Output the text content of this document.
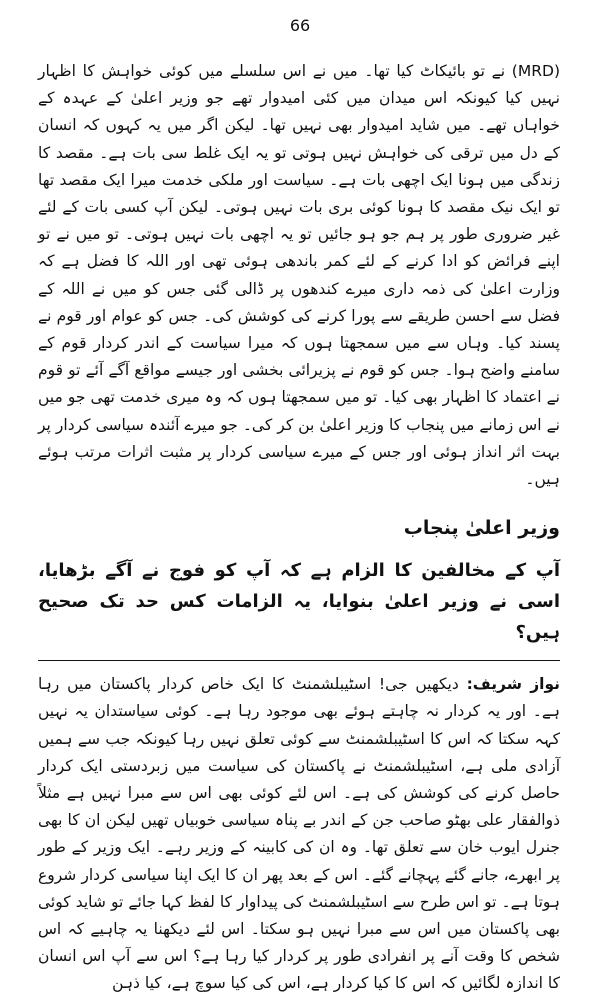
66

(MRD) نے تو بائیکاٹ کیا تھا۔ میں نے اس سلسلے میں کوئی خواہش کا اظہار نہیں کیا کیونکہ اس میدان میں کئی امیدوار تھے جو وزیر اعلیٰ کے عہدہ کے خواہاں تھے۔ میں شاید امیدوار بھی نہیں تھا۔ لیکن اگر میں یہ کہوں کہ انسان کے دل میں ترقی کی خواہش نہیں ہوتی تو یہ ایک غلط سی بات ہے۔ مقصد کا زندگی میں ہونا ایک اچھی بات ہے۔ سیاست اور ملکی خدمت میرا ایک مقصد تھا تو ایک نیک مقصد کا ہونا کوئی بری بات نہیں ہوتی۔ لیکن آپ کسی بات کے لئے غیر ضروری طور پر ہم جو ہو جائیں تو یہ اچھی بات نہیں ہوتی۔ تو میں نے تو اپنے فرائض کو ادا کرنے کے لئے کمر باندھی ہوئی تھی اور اللہ کا فضل ہے کہ وزارت اعلیٰ کی ذمہ داری میرے کندھوں پر ڈالی گئی جس کو میں نے اللہ کے فضل سے احسن طریقے سے پورا کرنے کی کوشش کی۔ جس کو عوام اور قوم نے پسند کیا۔ وہاں سے میں سمجھتا ہوں کہ میرا سیاست کے اندر کردار قوم کے سامنے واضح ہوا۔ جس کو قوم نے پزیرائی بخشی اور جیسے مواقع آگے آئے تو قوم نے اعتماد کا اظہار بھی کیا۔ تو میں سمجھتا ہوں کہ وہ میری خدمت تھی جو میں نے اس زمانے میں پنجاب کا وزیر اعلیٰ بن کر کی۔ جو میرے آئندہ سیاسی کردار پر بہت اثر انداز ہوئی اور جس کے میرے سیاسی کردار پر مثبت اثرات مرتب ہوئے ہیں۔

وزیر اعلیٰ پنجاب
آپ کے مخالفین کا الزام ہے کہ آپ کو فوج نے آگے بڑھایا، اسی نے وزیر اعلیٰ بنوایا، یہ الزامات کس حد تک صحیح ہیں؟

نواز شریف: دیکھیں جی! اسٹیبلشمنٹ کا ایک خاص کردار پاکستان میں رہا ہے۔ اور یہ کردار نہ چاہتے ہوئے بھی موجود رہا ہے۔ کوئی سیاستدان یہ نہیں کہہ سکتا کہ اس کا اسٹیبلشمنٹ سے کوئی تعلق نہیں رہا کیونکہ جب سے ہمیں آزادی ملی ہے، اسٹیبلشمنٹ نے پاکستان کی سیاست میں زبردستی ایک کردار حاصل کرنے کی کوشش کی ہے۔ اس لئے کوئی بھی اس سے مبرا نہیں ہے مثلاً ذوالفقار علی بھٹو صاحب جن کے اندر بے پناہ سیاسی خوبیاں تھیں لیکن ان کا بھی جنرل ایوب خان سے تعلق تھا۔ وہ ان کی کابینہ کے وزیر رہے۔ ایک وزیر کے طور پر ابھرے، جانے گئے پہچانے گئے۔ اس کے بعد پھر ان کا ایک اپنا سیاسی کردار شروع ہوتا ہے۔ تو اس طرح سے اسٹیبلشمنٹ کی پیداوار کا لفظ کہا جائے تو شاید کوئی بھی پاکستان میں اس سے مبرا نہیں ہو سکتا۔ اس لئے دیکھنا یہ چاہیے کہ اس شخص کا وقت آنے پر انفرادی طور پر کردار کیا رہا ہے؟ اس سے آپ اس انسان کا اندازہ لگائیں کہ اس کا کیا کردار ہے، اس کی کیا سوچ ہے، کیا ذہن
